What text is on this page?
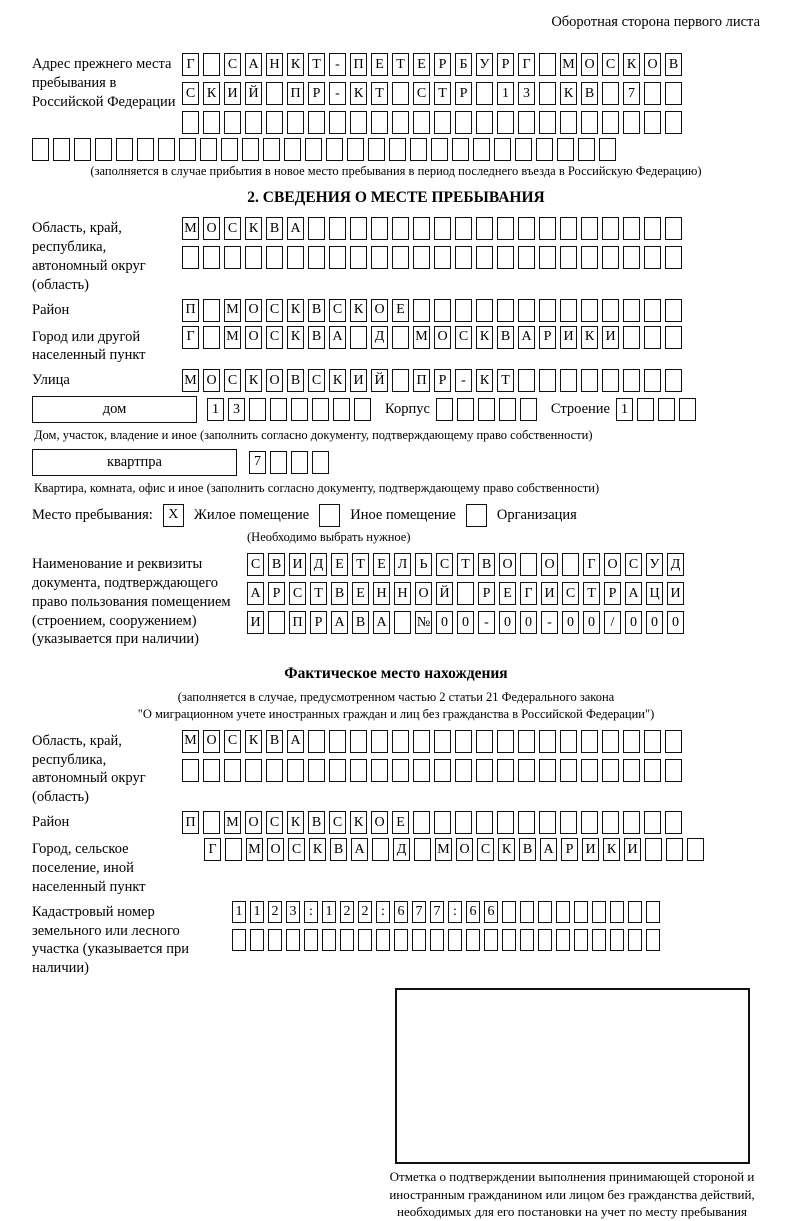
Оборотная сторона первого листа
Адрес прежнего места пребывания в Российской Федерации
Г	С А Н К Т	- П Е Т Е Р Б У Р Г	М О С К О В
С К И Й П Р	-	К Т	С Т Р	1	3	К В	7
(заполняется в случае прибытия в новое место пребывания в период последнего въезда в Российскую Федерацию)
2. СВЕДЕНИЯ О МЕСТЕ ПРЕБЫВАНИЯ
Область, край, республика, автономный округ (область)
М О С К В А
Район	П М О С К В С К О Е
Город или другой населенный пункт
Г	М О С К В А Д М О С К В А Р И К И
Улица	М О С К О В С К И Й П Р	-	К Т
дом	1	3	Корпус	Строение 1
Дом, участок, владение и иное (заполнить согласно документу, подтверждающему право собственности)
квартпра	7
Квартира, комната, офис и иное (заполнить согласно документу, подтверждающему право собственности)
Место пребывания:	X	Жилое помещение	Иное помещение	Организация
(Необходимо выбрать нужное)
Наименование и реквизиты документа, подтверждающего право пользования помещением (строением, сооружением) (указывается при наличии)
С В И Д Е Т Е Л Ь С Т В О О	Г О С У Д
А Р С Т В Е Н Н О Й	Р Е Г И С Т Р А Ц И
И П Р А В А № 0	0	-	0	0	-	0	0	/	0	0	0
Фактическое место нахождения
(заполняется в случае, предусмотренном частью 2 статьи 21 Федерального закона
"О миграционном учете иностранных граждан и лиц без гражданства в Российской Федерации")
Область, край, республика, автономный округ (область)
М О С К В А
Район	П М О С К В С К О Е
Город, сельское поселение, иной населенный пункт
Г	М О С К В А Д М О С К В А Р И К И
Кадастровый номер земельного или лесного участка (указывается при наличии)
1 1 2 3 : 1 2 2 : 6 7 7 : 6 6
Отметка о подтверждении выполнения принимающей стороной и иностранным гражданином или лицом без гражданства действий, необходимых для его постановки на учет по месту пребывания
